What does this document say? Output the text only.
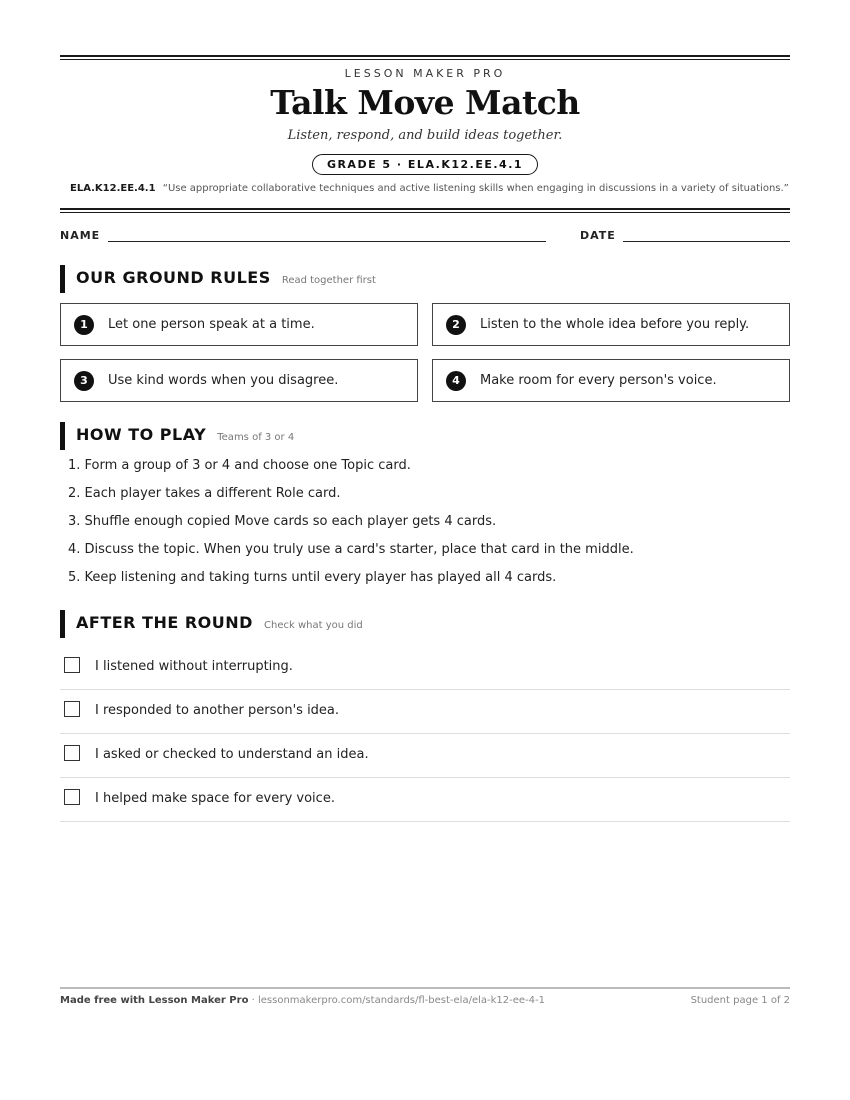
LESSON MAKER PRO
Talk Move Match
Listen, respond, and build ideas together.
GRADE 5 · ELA.K12.EE.4.1
ELA.K12.EE.4.1 “Use appropriate collaborative techniques and active listening skills when engaging in discussions in a variety of situations.”
NAME	DATE
OUR GROUND RULES Read together first
1	Let one person speak at a time.	2	Listen to the whole idea before you reply.
3	Use kind words when you disagree.	4	Make room for every person's voice.
HOW TO PLAY Teams of 3 or 4
1. Form a group of 3 or 4 and choose one Topic card.
2. Each player takes a different Role card.
3. Shuffle enough copied Move cards so each player gets 4 cards.
4. Discuss the topic. When you truly use a card's starter, place that card in the middle.
5. Keep listening and taking turns until every player has played all 4 cards.
AFTER THE ROUND Check what you did
I listened without interrupting.
I responded to another person's idea.
I asked or checked to understand an idea.
I helped make space for every voice.
Made free with Lesson Maker Pro · lessonmakerpro.com/standards/fl-best-ela/ela-k12-ee-4-1	Student page 1 of 2
